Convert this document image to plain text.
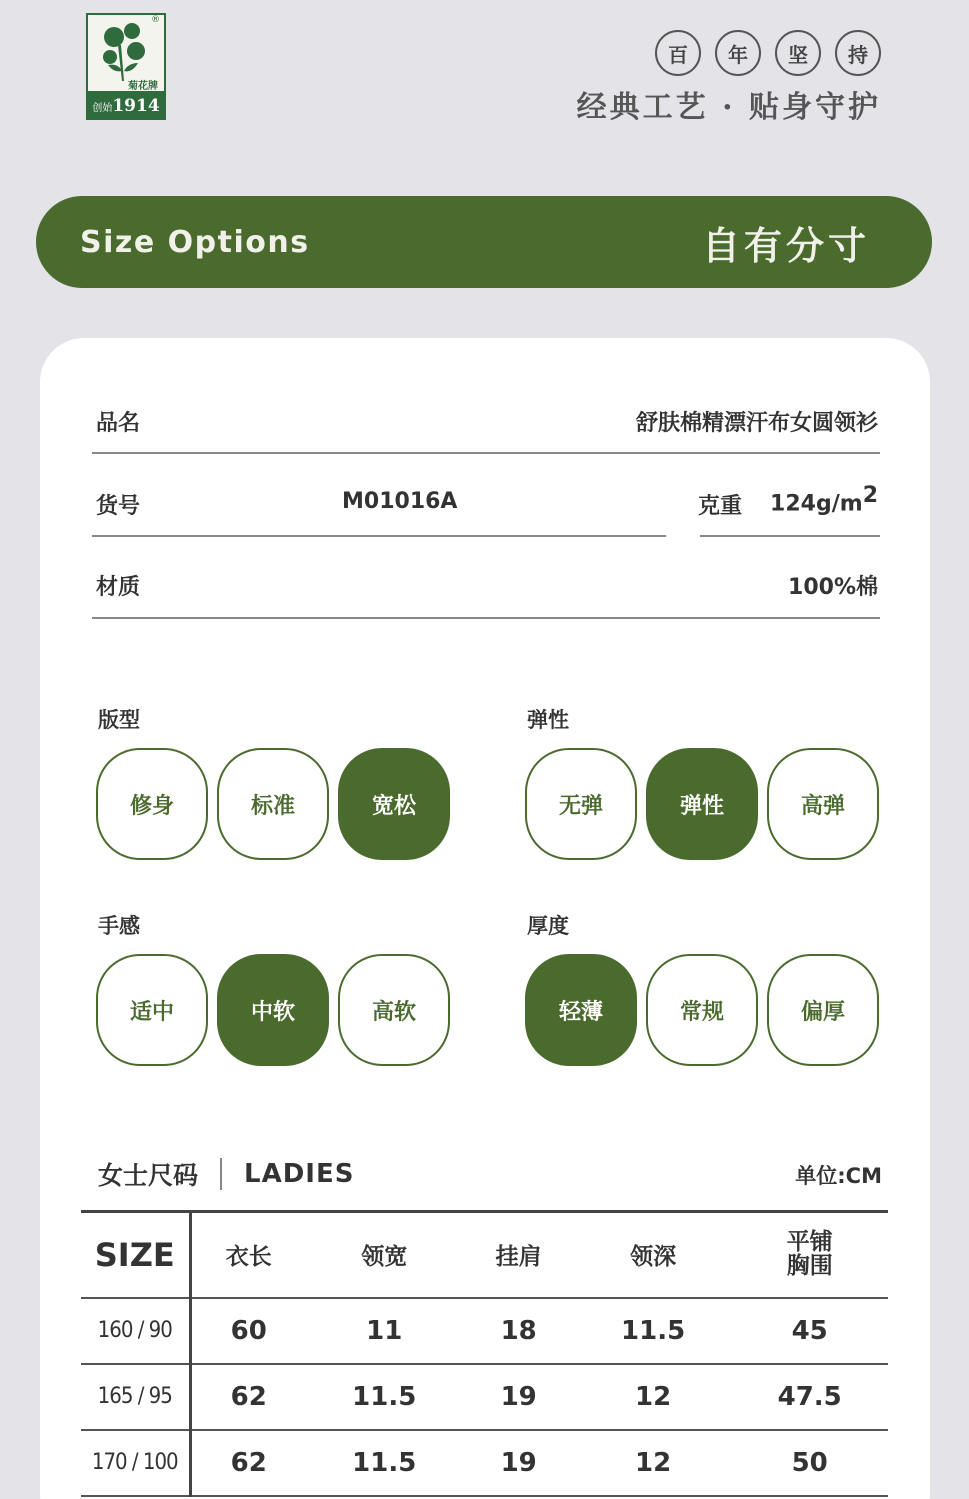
®
菊花牌
创始1914
百	年	坚	持
经典工艺 · 贴身守护
Size Options	自有分寸
品名	舒肤棉精漂汗布女圆领衫
货号	M01016A	克重 $124g/m^2$
材质	100%棉
版型
修身	标准	宽松
弹性
无弹	弹性	高弹
手感
适中	中软	高软
厚度
轻薄	常规	偏厚
女士尺码 LADIES	单位:CM
SIZE	衣长	领宽	挂肩	领深	平铺
胸围
160 / 90	60	11	18	11.5	45
165 / 95	62	11.5	19	12	47.5
170 / 100	62	11.5	19	12	50
